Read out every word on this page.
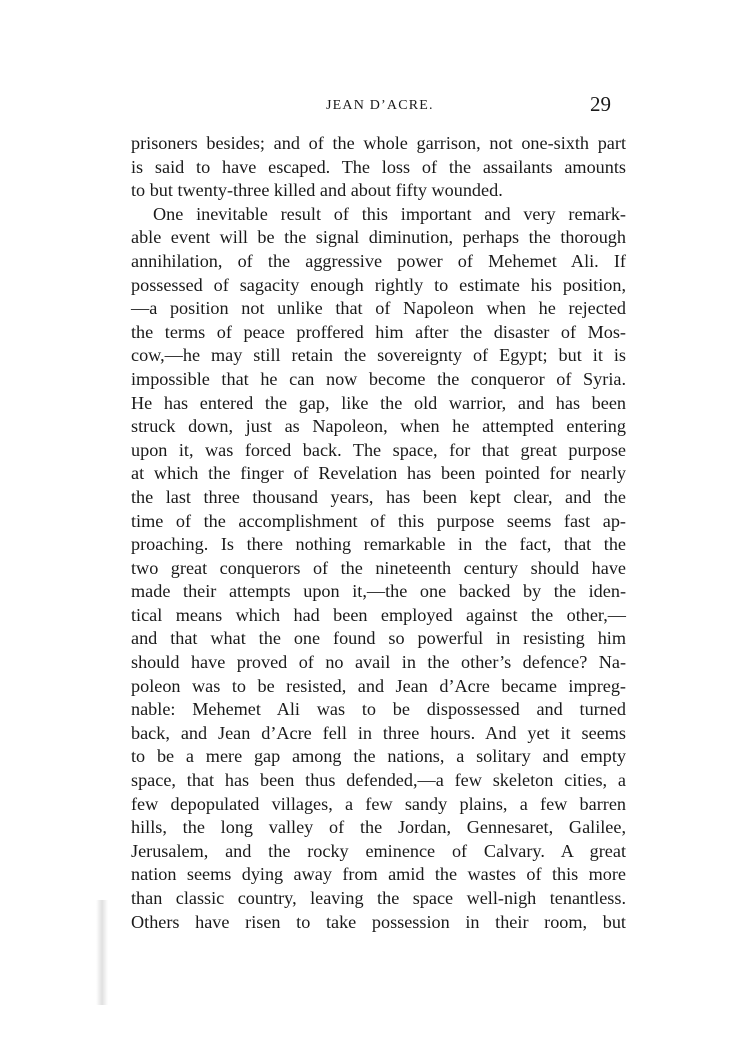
JEAN D’ACRE.	29
prisoners besides; and of the whole garrison, not one-sixth part
is said to have escaped. The loss of the assailants amounts
to but twenty-three killed and about fifty wounded.
One inevitable result of this important and very remark-
able event will be the signal diminution, perhaps the thorough
annihilation, of the aggressive power of Mehemet Ali. If
possessed of sagacity enough rightly to estimate his position,
—a position not unlike that of Napoleon when he rejected
the terms of peace proffered him after the disaster of Mos-
cow,—he may still retain the sovereignty of Egypt; but it is
impossible that he can now become the conqueror of Syria.
He has entered the gap, like the old warrior, and has been
struck down, just as Napoleon, when he attempted entering
upon it, was forced back. The space, for that great purpose
at which the finger of Revelation has been pointed for nearly
the last three thousand years, has been kept clear, and the
time of the accomplishment of this purpose seems fast ap-
proaching. Is there nothing remarkable in the fact, that the
two great conquerors of the nineteenth century should have
made their attempts upon it,—the one backed by the iden-
tical means which had been employed against the other,—
and that what the one found so powerful in resisting him
should have proved of no avail in the other’s defence? Na-
poleon was to be resisted, and Jean d’Acre became impreg-
nable: Mehemet Ali was to be dispossessed and turned
back, and Jean d’Acre fell in three hours. And yet it seems
to be a mere gap among the nations, a solitary and empty
space, that has been thus defended,—a few skeleton cities, a
few depopulated villages, a few sandy plains, a few barren
hills, the long valley of the Jordan, Gennesaret, Galilee,
Jerusalem, and the rocky eminence of Calvary. A great
nation seems dying away from amid the wastes of this more
than classic country, leaving the space well-nigh tenantless.
Others have risen to take possession in their room, but
